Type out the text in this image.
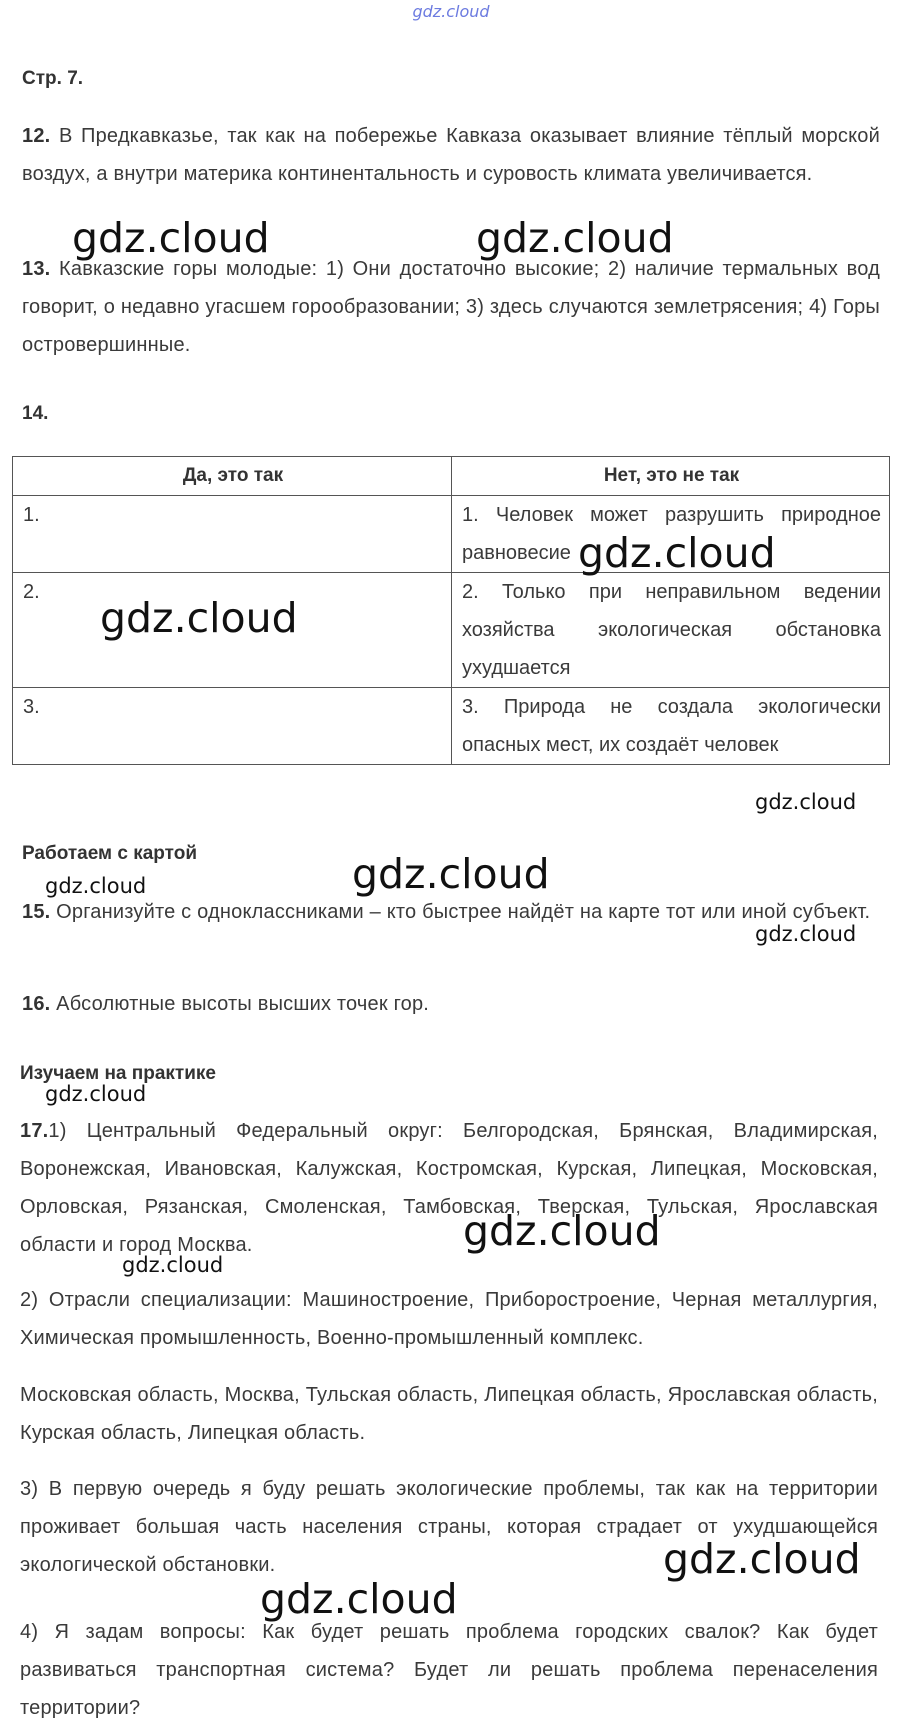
gdz.cloud
Стр. 7.
12. В Предкавказье, так как на побережье Кавказа оказывает влияние тёплый морской воздух, а внутри материка континентальность и суровость климата увеличивается.
13. Кавказские горы молодые: 1) Они достаточно высокие; 2) наличие термальных вод говорит, о недавно угасшем горообразовании; 3) здесь случаются землетрясения; 4) Горы островершинные.
14.
Да, это так	Нет, это не так
1.	1. Человек может разрушить природное равновесие
2.	2. Только при неправильном ведении хозяйства экологическая обстановка ухудшается
3.	3. Природа не создала экологически опасных мест, их создаёт человек
Работаем с картой
15. Организуйте с одноклассниками – кто быстрее найдёт на карте тот или иной субъект.
16. Абсолютные высоты высших точек гор.
Изучаем на практике
17.1) Центральный Федеральный округ: Белгородская, Брянская, Владимирская, Воронежская, Ивановская, Калужская, Костромская, Курская, Липецкая, Московская, Орловская, Рязанская, Смоленская, Тамбовская, Тверская, Тульская, Ярославская области и город Москва.
2) Отрасли специализации: Машиностроение, Приборостроение, Черная металлургия, Химическая промышленность, Военно-промышленный комплекс.
Московская область, Москва, Тульская область, Липецкая область, Ярославская область, Курская область, Липецкая область.
3) В первую очередь я буду решать экологические проблемы, так как на территории проживает большая часть населения страны, которая страдает от ухудшающейся экологической обстановки.
4) Я задам вопросы: Как будет решать проблема городских свалок? Как будет развиваться транспортная система? Будет ли решать проблема перенаселения территории?
gdz.cloud	gdz.cloud
gdz.cloud
gdz.cloud
gdz.cloud
gdz.cloud
gdz.cloud
gdz.cloud
gdz.cloud
gdz.cloud
gdz.cloud
gdz.cloud
gdz.cloud
